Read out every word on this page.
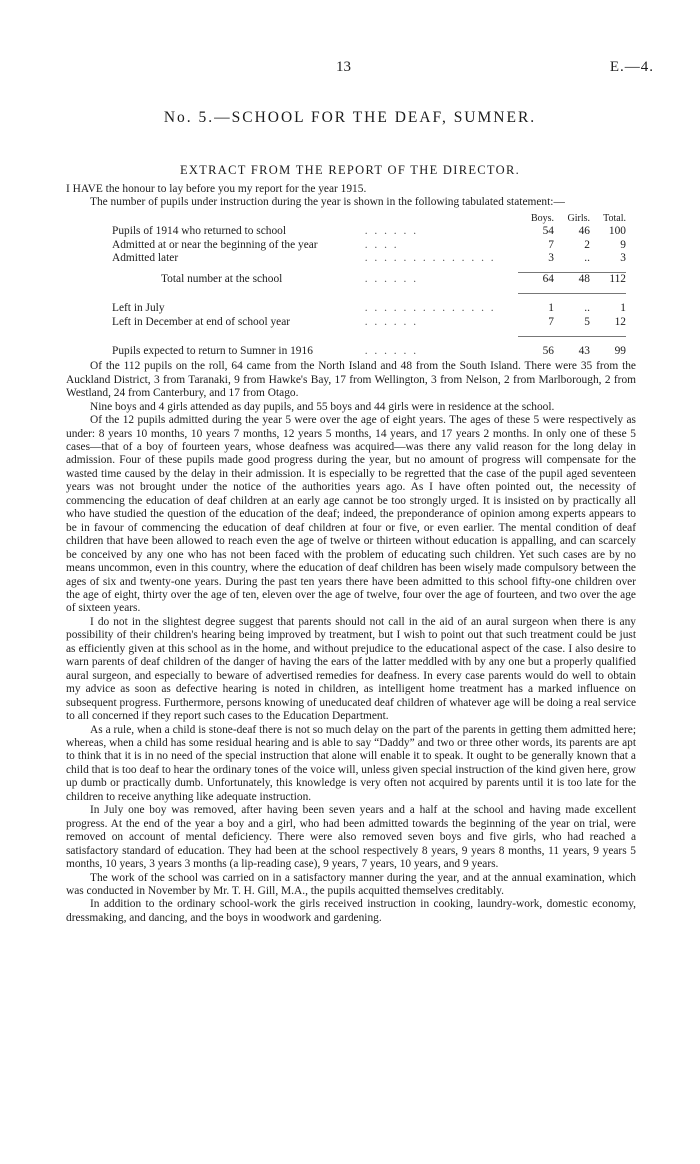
13	E.—4.
No. 5.—SCHOOL FOR THE DEAF, SUMNER.
EXTRACT FROM THE REPORT OF THE DIRECTOR.

I HAVE the honour to lay before you my report for the year 1915.

The number of pupils under instruction during the year is shown in the following tabulated statement:—

		Boys.	Girls.	Total.
Pupils of 1914 who returned to school	. . . . . .	54	46	100
Admitted at or near the beginning of the year	. . . .	7	2	9
Admitted later	. . . . . . . . . . . . . .	3	..	3

Total number at the school	. . . . . .	64	48	112

Left in July	. . . . . . . . . . . . . .	1	..	1
Left in December at end of school year	. . . . . .	7	5	12

Pupils expected to return to Sumner in 1916	. . . . . .	56	43	99

Of the 112 pupils on the roll, 64 came from the North Island and 48 from the South Island. There were 35 from the Auckland District, 3 from Taranaki, 9 from Hawke's Bay, 17 from Wellington, 3 from Nelson, 2 from Marlborough, 2 from Westland, 24 from Canterbury, and 17 from Otago.

Nine boys and 4 girls attended as day pupils, and 55 boys and 44 girls were in residence at the school.

Of the 12 pupils admitted during the year 5 were over the age of eight years. The ages of these 5 were respectively as under: 8 years 10 months, 10 years 7 months, 12 years 5 months, 14 years, and 17 years 2 months. In only one of these 5 cases—that of a boy of fourteen years, whose deafness was acquired—was there any valid reason for the long delay in admission. Four of these pupils made good progress during the year, but no amount of progress will compensate for the wasted time caused by the delay in their admission. It is especially to be regretted that the case of the pupil aged seventeen years was not brought under the notice of the authorities years ago. As I have often pointed out, the necessity of commencing the education of deaf children at an early age cannot be too strongly urged. It is insisted on by practically all who have studied the question of the education of the deaf; indeed, the preponderance of opinion among experts appears to be in favour of commencing the education of deaf children at four or five, or even earlier. The mental condition of deaf children that have been allowed to reach even the age of twelve or thirteen without education is appalling, and can scarcely be conceived by any one who has not been faced with the problem of educating such children. Yet such cases are by no means uncommon, even in this country, where the education of deaf children has been wisely made compulsory between the ages of six and twenty-one years. During the past ten years there have been admitted to this school fifty-one children over the age of eight, thirty over the age of ten, eleven over the age of twelve, four over the age of fourteen, and two over the age of sixteen years.

I do not in the slightest degree suggest that parents should not call in the aid of an aural surgeon when there is any possibility of their children's hearing being improved by treatment, but I wish to point out that such treatment could be just as efficiently given at this school as in the home, and without prejudice to the educational aspect of the case. I also desire to warn parents of deaf children of the danger of having the ears of the latter meddled with by any one but a properly qualified aural surgeon, and especially to beware of advertised remedies for deafness. In every case parents would do well to obtain my advice as soon as defective hearing is noted in children, as intelligent home treatment has a marked influence on subsequent progress. Furthermore, persons knowing of uneducated deaf children of whatever age will be doing a real service to all concerned if they report such cases to the Education Department.

As a rule, when a child is stone-deaf there is not so much delay on the part of the parents in getting them admitted here; whereas, when a child has some residual hearing and is able to say “Daddy” and two or three other words, its parents are apt to think that it is in no need of the special instruction that alone will enable it to speak. It ought to be generally known that a child that is too deaf to hear the ordinary tones of the voice will, unless given special instruction of the kind given here, grow up dumb or practically dumb. Unfortunately, this knowledge is very often not acquired by parents until it is too late for the children to receive anything like adequate instruction.

In July one boy was removed, after having been seven years and a half at the school and having made excellent progress. At the end of the year a boy and a girl, who had been admitted towards the beginning of the year on trial, were removed on account of mental deficiency. There were also removed seven boys and five girls, who had reached a satisfactory standard of education. They had been at the school respectively 8 years, 9 years 8 months, 11 years, 9 years 5 months, 10 years, 3 years 3 months (a lip-reading case), 9 years, 7 years, 10 years, and 9 years.

The work of the school was carried on in a satisfactory manner during the year, and at the annual examination, which was conducted in November by Mr. T. H. Gill, M.A., the pupils acquitted themselves creditably.

In addition to the ordinary school-work the girls received instruction in cooking, laundry-work, domestic economy, dressmaking, and dancing, and the boys in woodwork and gardening.
